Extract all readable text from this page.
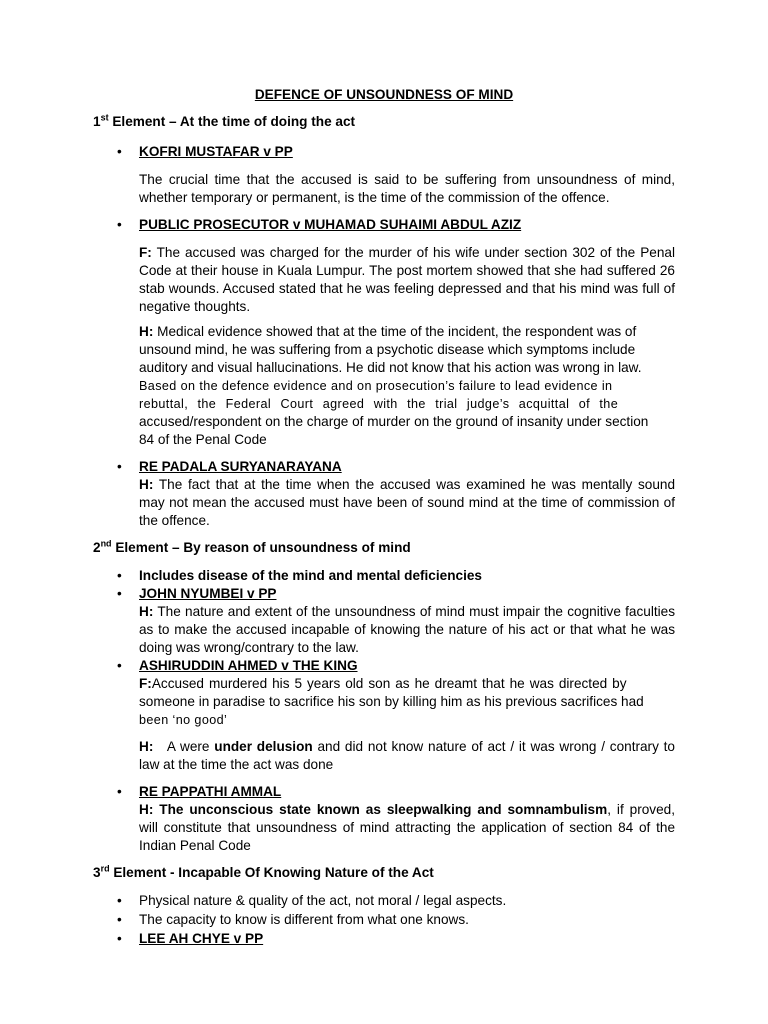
DEFENCE OF UNSOUNDNESS OF MIND
1st Element – At the time of doing the act
• KOFRI MUSTAFAR v PP
The crucial time that the accused is said to be suffering from unsoundness of mind, whether temporary or permanent, is the time of the commission of the offence.
• PUBLIC PROSECUTOR v MUHAMAD SUHAIMI ABDUL AZIZ
F: The accused was charged for the murder of his wife under section 302 of the Penal Code at their house in Kuala Lumpur. The post mortem showed that she had suffered 26 stab wounds. Accused stated that he was feeling depressed and that his mind was full of negative thoughts.
H: Medical evidence showed that at the time of the incident, the respondent was of
unsound mind, he was suffering from a psychotic disease which symptoms include
auditory and visual hallucinations. He did not know that his action was wrong in law.
Based on the defence evidence and on prosecution’s failure to lead evidence in
rebuttal, the Federal Court agreed with the trial judge’s acquittal of the
accused/respondent on the charge of murder on the ground of insanity under section
84 of the Penal Code
• RE PADALA SURYANARAYANA
H: The fact that at the time when the accused was examined he was mentally sound may not mean the accused must have been of sound mind at the time of commission of the offence.
2nd Element – By reason of unsoundness of mind
• Includes disease of the mind and mental deficiencies
• JOHN NYUMBEI v PP
H: The nature and extent of the unsoundness of mind must impair the cognitive faculties as to make the accused incapable of knowing the nature of his act or that what he was doing was wrong/contrary to the law.
• ASHIRUDDIN AHMED v THE KING
F:Accused murdered his 5 years old son as he dreamt that he was directed by
someone in paradise to sacrifice his son by killing him as his previous sacrifices had
been ‘no good’
H:   A were under delusion and did not know nature of act / it was wrong / contrary to law at the time the act was done
• RE PAPPATHI AMMAL
H: The unconscious state known as sleepwalking and somnambulism, if proved, will constitute that unsoundness of mind attracting the application of section 84 of the Indian Penal Code
3rd Element - Incapable Of Knowing Nature of the Act
• Physical nature & quality of the act, not moral / legal aspects.
• The capacity to know is different from what one knows.
• LEE AH CHYE v PP
